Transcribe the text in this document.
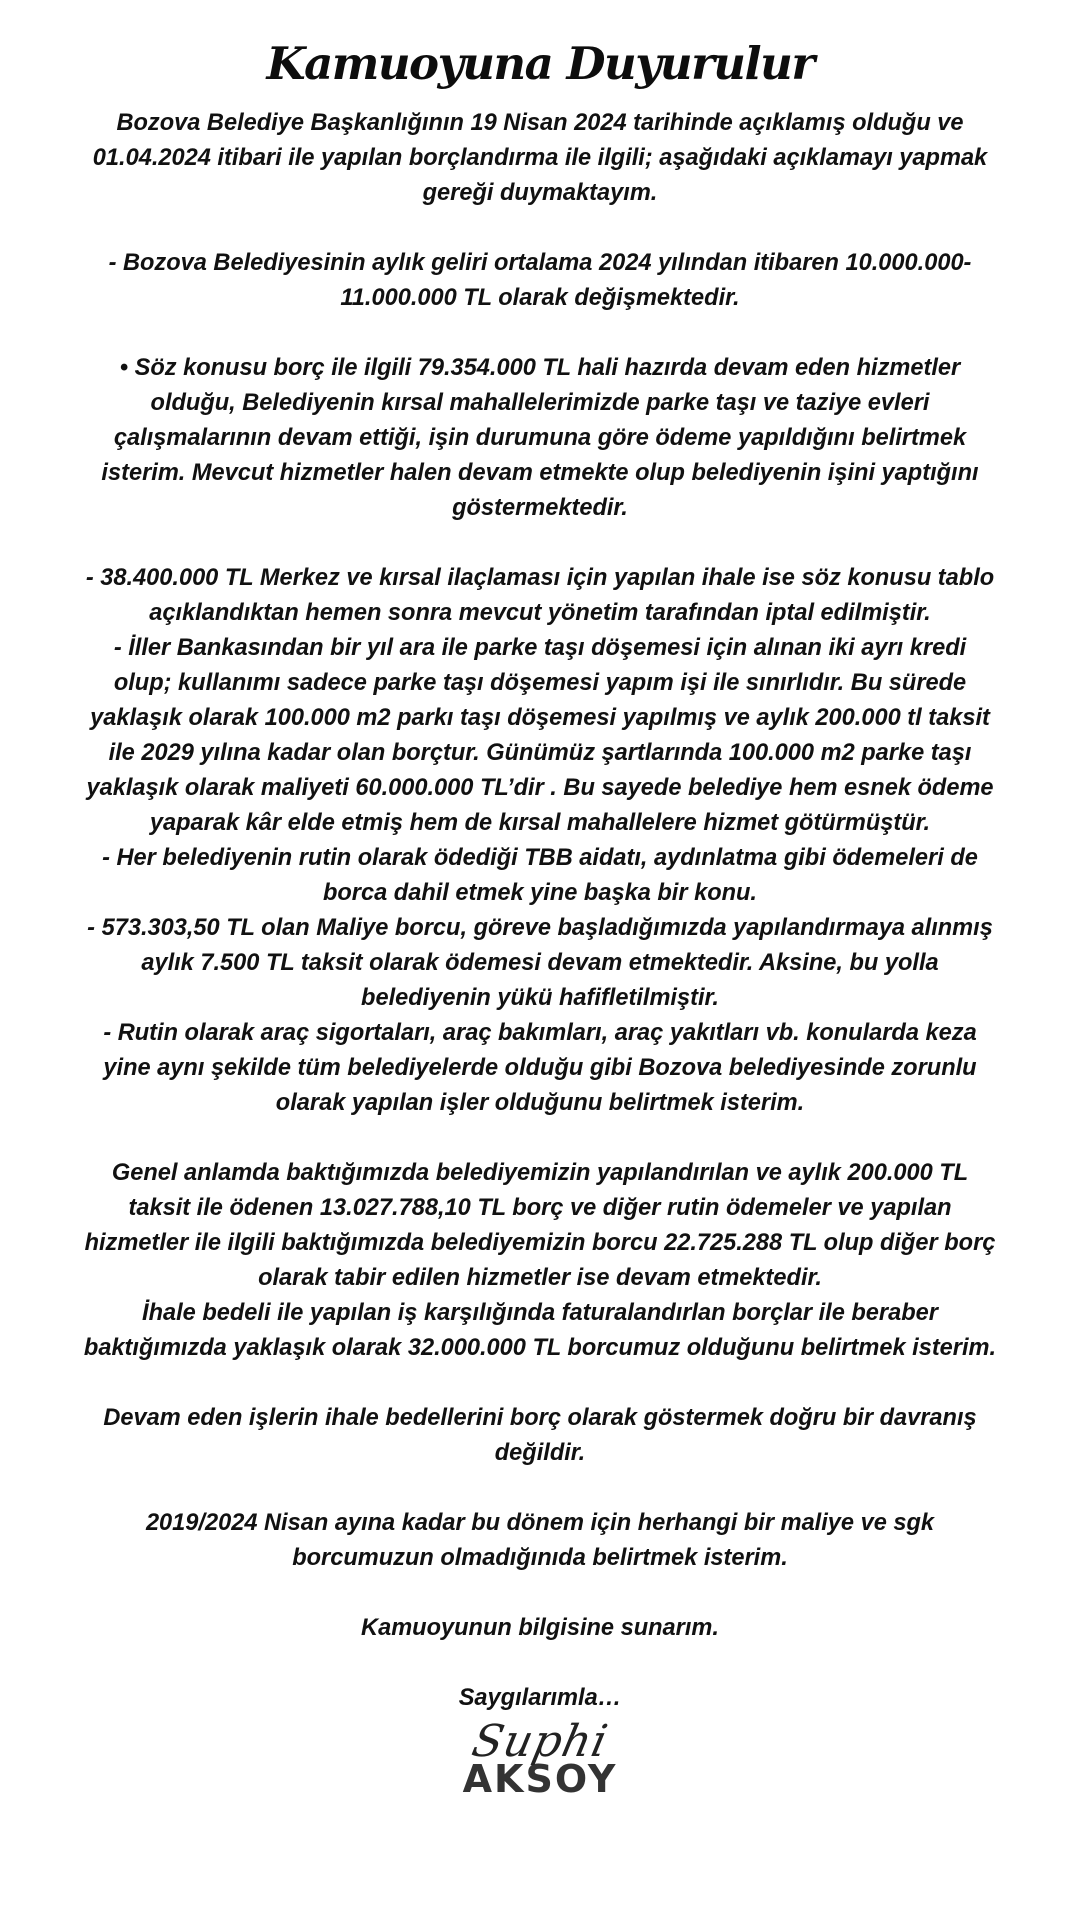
Kamuoyuna Duyurulur

Bozova Belediye Başkanlığının 19 Nisan 2024 tarihinde açıklamış olduğu ve 01.04.2024 itibari ile yapılan borçlandırma ile ilgili; aşağıdaki açıklamayı yapmak gereği duymaktayım.

- Bozova Belediyesinin aylık geliri ortalama 2024 yılından itibaren 10.000.000-11.000.000 TL olarak değişmektedir.

• Söz konusu borç ile ilgili 79.354.000 TL hali hazırda devam eden hizmetler olduğu, Belediyenin kırsal mahallelerimizde parke taşı ve taziye evleri çalışmalarının devam ettiği, işin durumuna göre ödeme yapıldığını belirtmek isterim. Mevcut hizmetler halen devam etmekte olup belediyenin işini yaptığını göstermektedir.

- 38.400.000 TL Merkez ve kırsal ilaçlaması için yapılan ihale ise söz konusu tablo açıklandıktan hemen sonra mevcut yönetim tarafından iptal edilmiştir.

- İller Bankasından bir yıl ara ile parke taşı döşemesi için alınan iki ayrı kredi olup; kullanımı sadece parke taşı döşemesi yapım işi ile sınırlıdır. Bu sürede yaklaşık olarak 100.000 m2 parkı taşı döşemesi yapılmış ve aylık 200.000 tl taksit ile 2029 yılına kadar olan borçtur. Günümüz şartlarında 100.000 m2 parke taşı yaklaşık olarak maliyeti 60.000.000 TL’dir . Bu sayede belediye hem esnek ödeme yaparak kâr elde etmiş hem de kırsal mahallelere hizmet götürmüştür.

- Her belediyenin rutin olarak ödediği TBB aidatı, aydınlatma gibi ödemeleri de borca dahil etmek yine başka bir konu.

- 573.303,50 TL olan Maliye borcu, göreve başladığımızda yapılandırmaya alınmış aylık 7.500 TL taksit olarak ödemesi devam etmektedir. Aksine, bu yolla belediyenin yükü hafifletilmiştir.

- Rutin olarak araç sigortaları, araç bakımları, araç yakıtları vb. konularda keza yine aynı şekilde tüm belediyelerde olduğu gibi Bozova belediyesinde zorunlu olarak yapılan işler olduğunu belirtmek isterim.

Genel anlamda baktığımızda belediyemizin yapılandırılan ve aylık 200.000 TL taksit ile ödenen 13.027.788,10 TL borç ve diğer rutin ödemeler ve yapılan hizmetler ile ilgili baktığımızda belediyemizin borcu 22.725.288 TL olup diğer borç olarak tabir edilen hizmetler ise devam etmektedir.

İhale bedeli ile yapılan iş karşılığında faturalandırlan borçlar ile beraber baktığımızda yaklaşık olarak 32.000.000 TL borcumuz olduğunu belirtmek isterim.

Devam eden işlerin ihale bedellerini borç olarak göstermek doğru bir davranış değildir.

2019/2024 Nisan ayına kadar bu dönem için herhangi bir maliye ve sgk borcumuzun olmadığınıda belirtmek isterim.

Kamuoyunun bilgisine sunarım.

Saygılarımla…

Suphi
AKSOY
